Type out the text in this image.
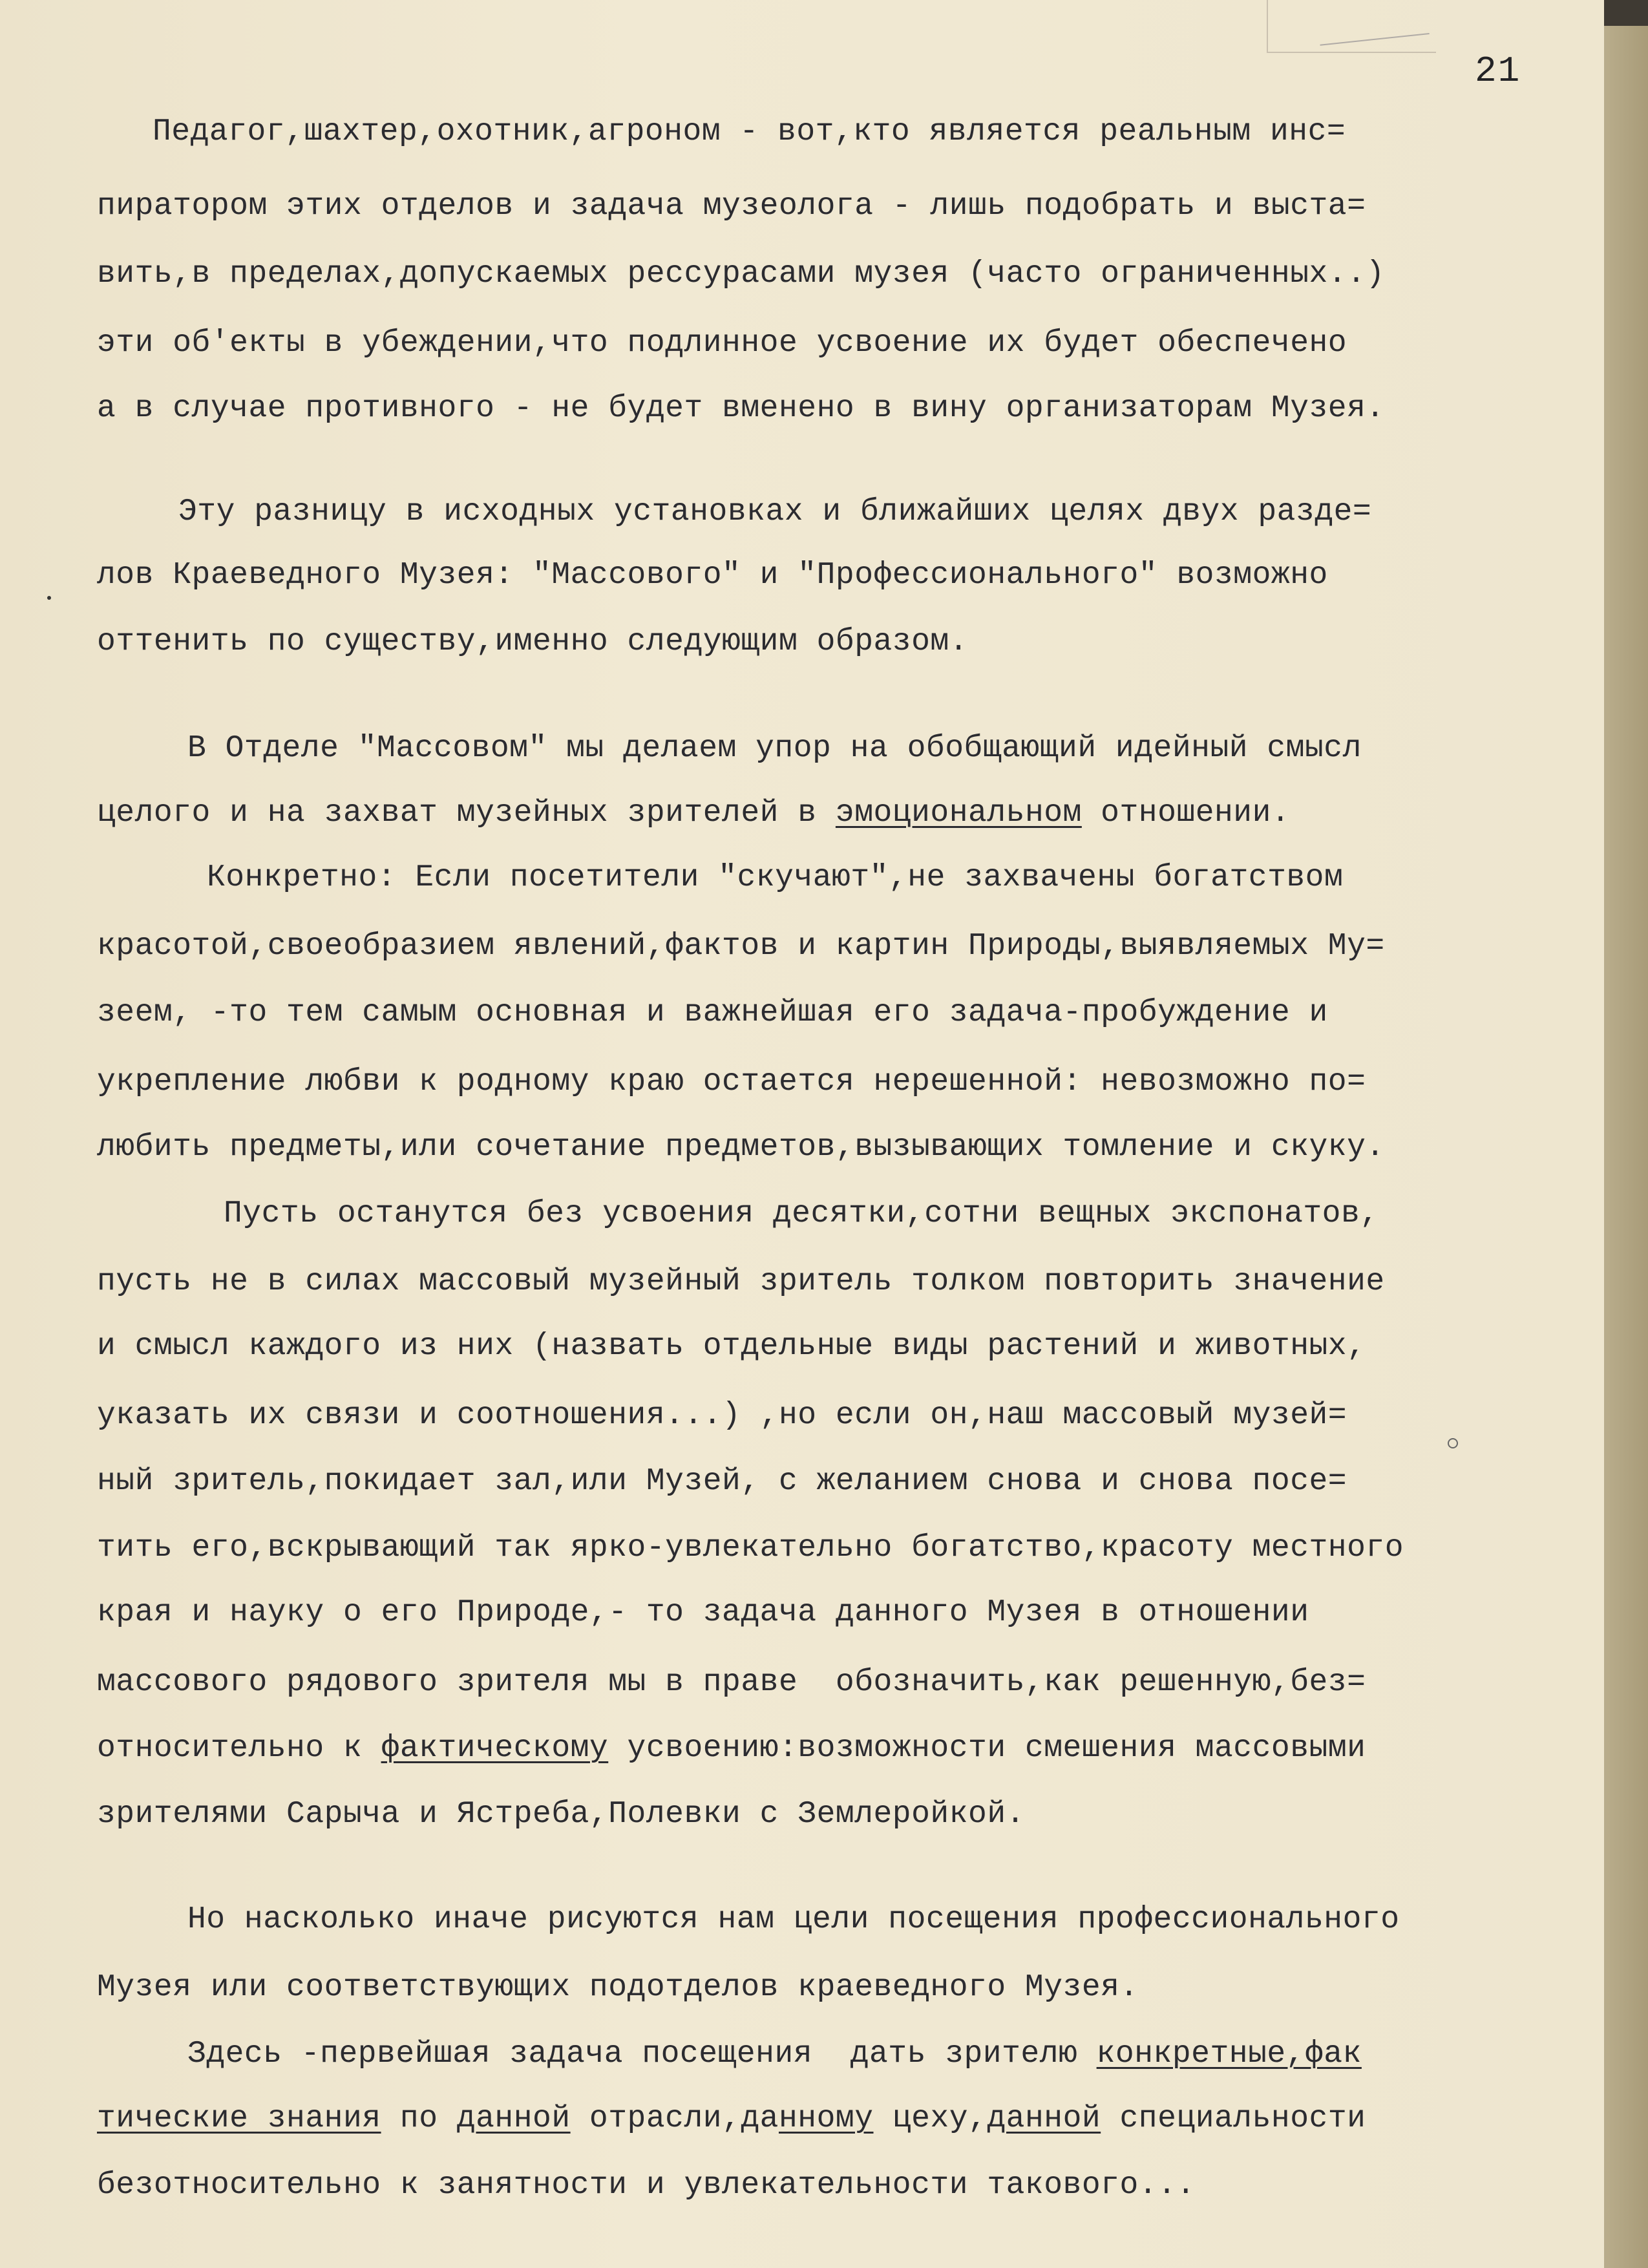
21
Педагог,шахтер,охотник,агроном - вот,кто является реальным инс=
пиратором этих отделов и задача музеолога - лишь подобрать и выста=
вить,в пределах,допускаемых рессурасами музея (часто ограниченных..)
эти об'екты в убеждении,что подлинное усвоение их будет обеспечено
а в случае противного - не будет вменено в вину организаторам Музея.
Эту разницу в исходных установках и ближайших целях двух разде=
лов Краеведного Музея: "Массового" и "Профессионального" возможно
оттенить по существу,именно следующим образом.
В Отделе "Массовом" мы делаем упор на обобщающий идейный смысл
целого и на захват музейных зрителей в эмоциональном отношении.
Конкретно: Если посетители "скучают",не захвачены богатством
красотой,своеобразием явлений,фактов и картин Природы,выявляемых Му=
зеем, -то тем самым основная и важнейшая его задача-пробуждение и
укрепление любви к родному краю остается нерешенной: невозможно по=
любить предметы,или сочетание предметов,вызывающих томление и скуку.
Пусть останутся без усвоения десятки,сотни вещных экспонатов,
пусть не в силах массовый музейный зритель толком повторить значение
и смысл каждого из них (назвать отдельные виды растений и животных,
указать их связи и соотношения...) ,но если он,наш массовый музей=
ный зритель,покидает зал,или Музей, с желанием снова и снова посе=
тить его,вскрывающий так ярко-увлекательно богатство,красоту местного
края и науку о его Природе,- то задача данного Музея в отношении
массового рядового зрителя мы в праве  обозначить,как решенную,без=
относительно к фактическому усвоению:возможности смешения массовыми
зрителями Сарыча и Ястреба,Полевки с Землеройкой.
Но насколько иначе рисуются нам цели посещения профессионального
Музея или соответствующих подотделов краеведного Музея.
Здесь -первейшая задача посещения  дать зрителю конкретные,фак
тические знания по данной отрасли,данному цеху,данной специальности
безотносительно к занятности и увлекательности такового...
